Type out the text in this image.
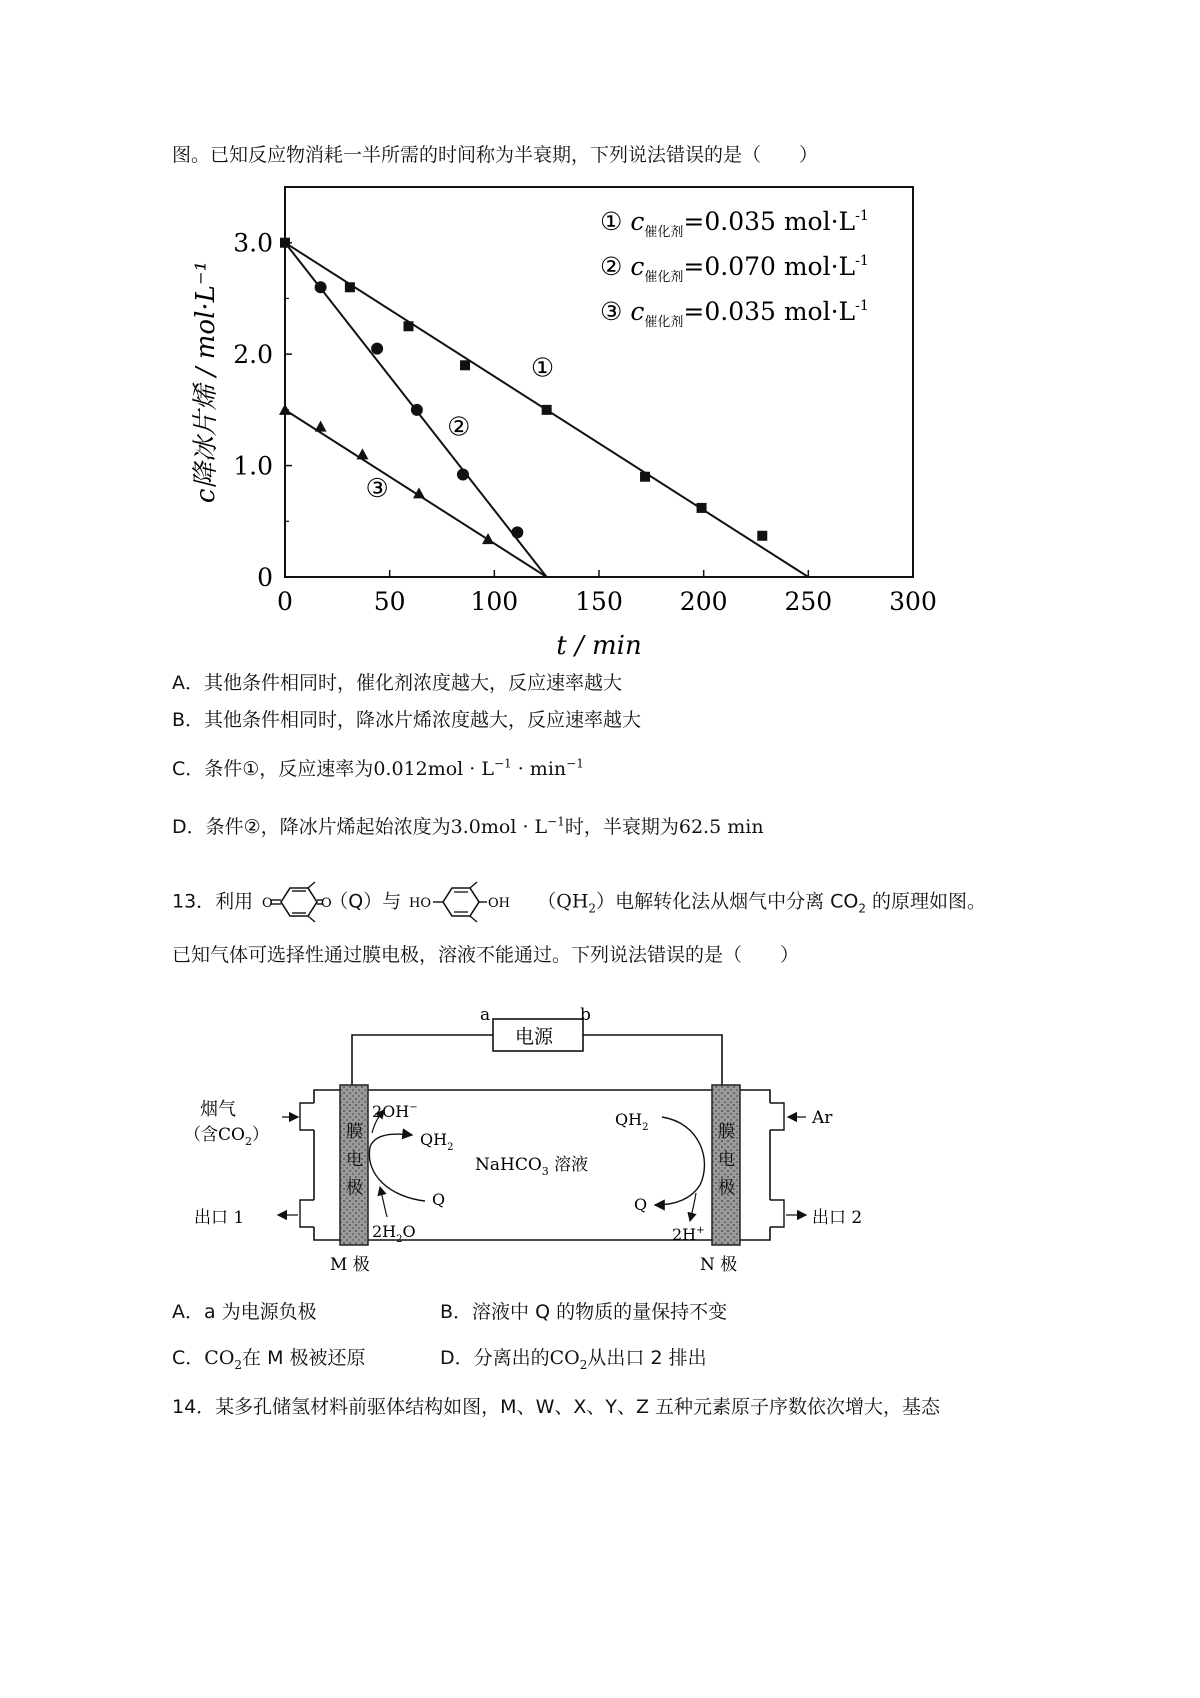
图。已知反应物消耗一半所需的时间称为半衰期，下列说法错误的是（　　）
0	50	100 150 200 250 300
0
1.0
2.0
3.0
t / min
c降冰片烯 / mol·L⁻¹	①
②
③
① $c_{催化剂}=0.035$ $mol\cdot L^{-1}$
② $c_{催化剂}=0.070$ $mol\cdot L^{-1}$
③ $c_{催化剂}=0.035$ $mol\cdot L^{-1}$
A．其他条件相同时，催化剂浓度越大，反应速率越大
B．其他条件相同时，降冰片烯浓度越大，反应速率越大
C．条件①，反应速率为$0.012mol \cdot L^{-1} \cdot \min^{-1}$
D．条件②，降冰片烯起始浓度为$3.0mol \cdot L^{-1}$时，半衰期为62.5 min
13．利用 O	O
（Q）与 HO	OH $(QH_2)$电解转化法从烟气中分离 $CO_2$ 的原理如图。
已知气体可选择性通过膜电极，溶液不能通过。下列说法错误的是（　　）
电源
a	b
膜
电
极
膜
电
极
烟气
（含$CO_2$）
出口 1
M 极
2OH−
$QH_2$
Q
$2H_2O$
NaHCO$_3$ 溶液
$QH_2$
Q
2H+
Ar
出口 2
N 极
A．a 为电源负极	B．溶液中 Q 的物质的量保持不变
C．$CO_2$在 M 极被还原	D．分离出的$CO_2$从出口 2 排出
14．某多孔储氢材料前驱体结构如图，M、W、X、Y、Z 五种元素原子序数依次增大，基态
